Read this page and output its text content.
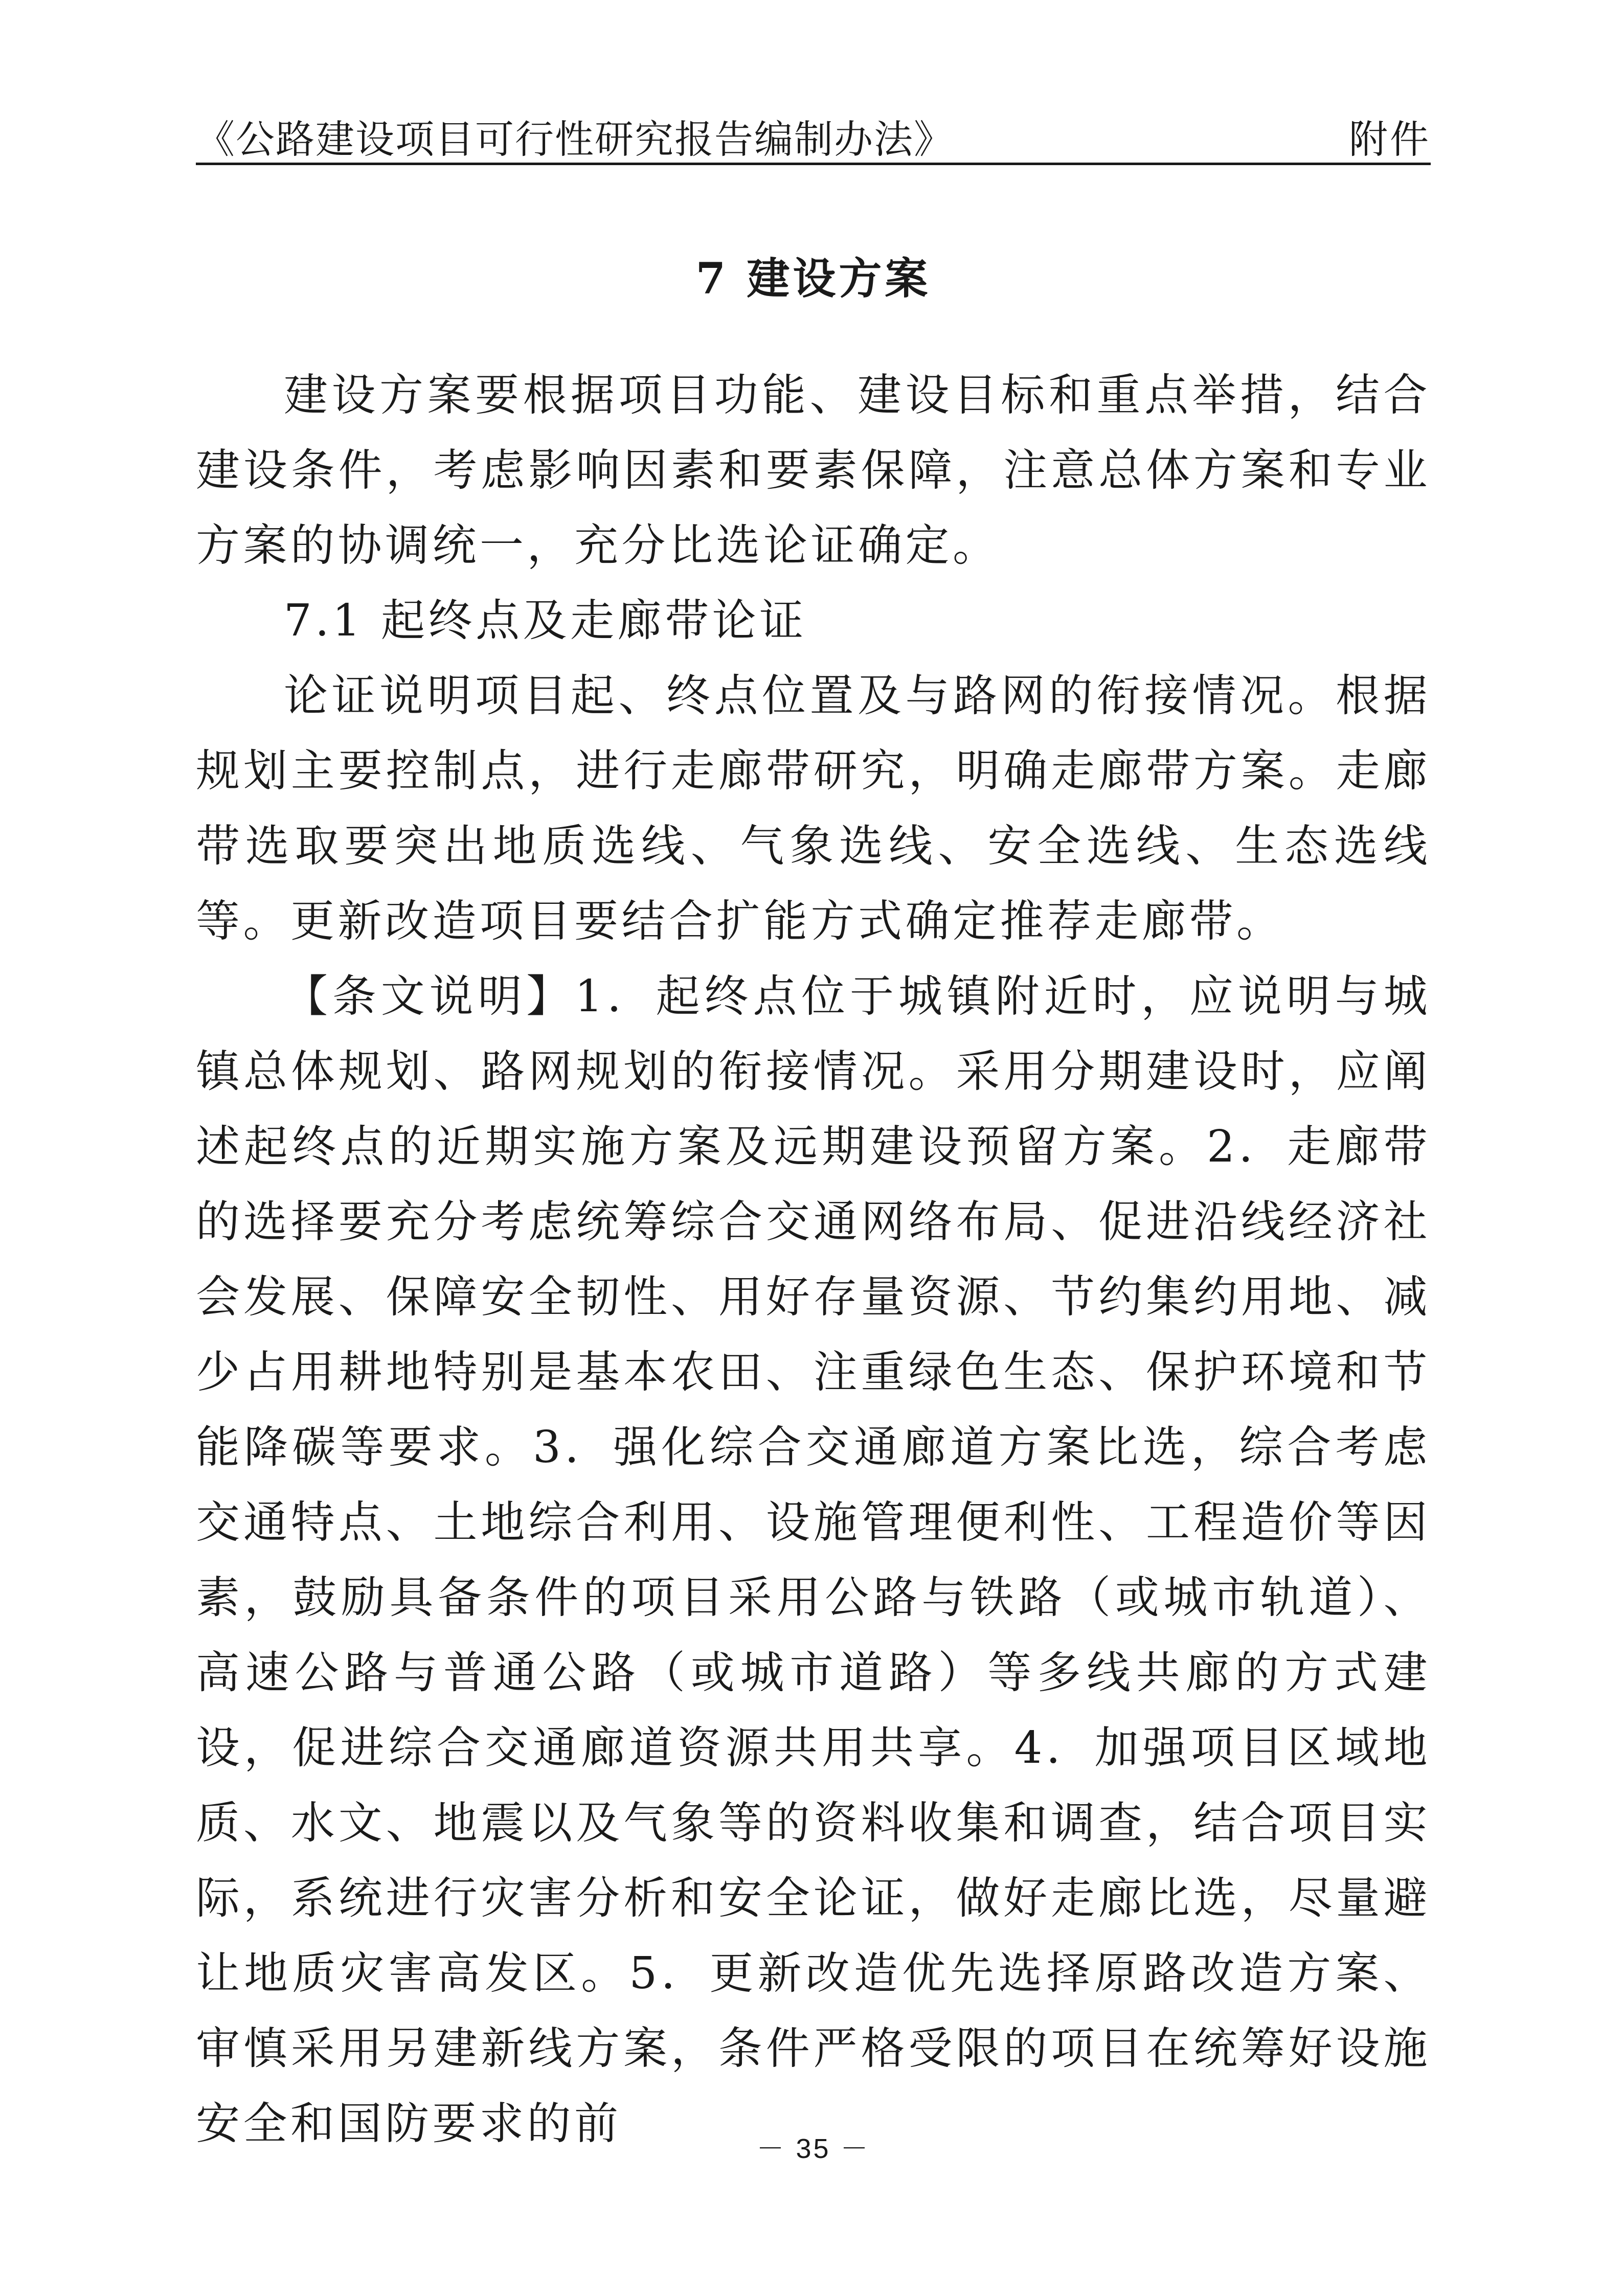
《公路建设项目可行性研究报告编制办法》	附件
7 建设方案

建设方案要根据项目功能、建设目标和重点举措，结合建设条件，考虑影响因素和要素保障，注意总体方案和专业方案的协调统一，充分比选论证确定。

7.1 起终点及走廊带论证

论证说明项目起、终点位置及与路网的衔接情况。根据规划主要控制点，进行走廊带研究，明确走廊带方案。走廊带选取要突出地质选线、气象选线、安全选线、生态选线等。更新改造项目要结合扩能方式确定推荐走廊带。

【条文说明】1．起终点位于城镇附近时，应说明与城镇总体规划、路网规划的衔接情况。采用分期建设时，应阐述起终点的近期实施方案及远期建设预留方案。2．走廊带的选择要充分考虑统筹综合交通网络布局、促进沿线经济社会发展、保障安全韧性、用好存量资源、节约集约用地、减少占用耕地特别是基本农田、注重绿色生态、保护环境和节能降碳等要求。3．强化综合交通廊道方案比选，综合考虑交通特点、土地综合利用、设施管理便利性、工程造价等因素，鼓励具备条件的项目采用公路与铁路（或城市轨道）、高速公路与普通公路（或城市道路）等多线共廊的方式建设，促进综合交通廊道资源共用共享。4．加强项目区域地质、水文、地震以及气象等的资料收集和调查，结合项目实际，系统进行灾害分析和安全论证，做好走廊比选，尽量避让地质灾害高发区。5．更新改造优先选择原路改造方案、审慎采用另建新线方案，条件严格受限的项目在统筹好设施安全和国防要求的前	－ 35 －
